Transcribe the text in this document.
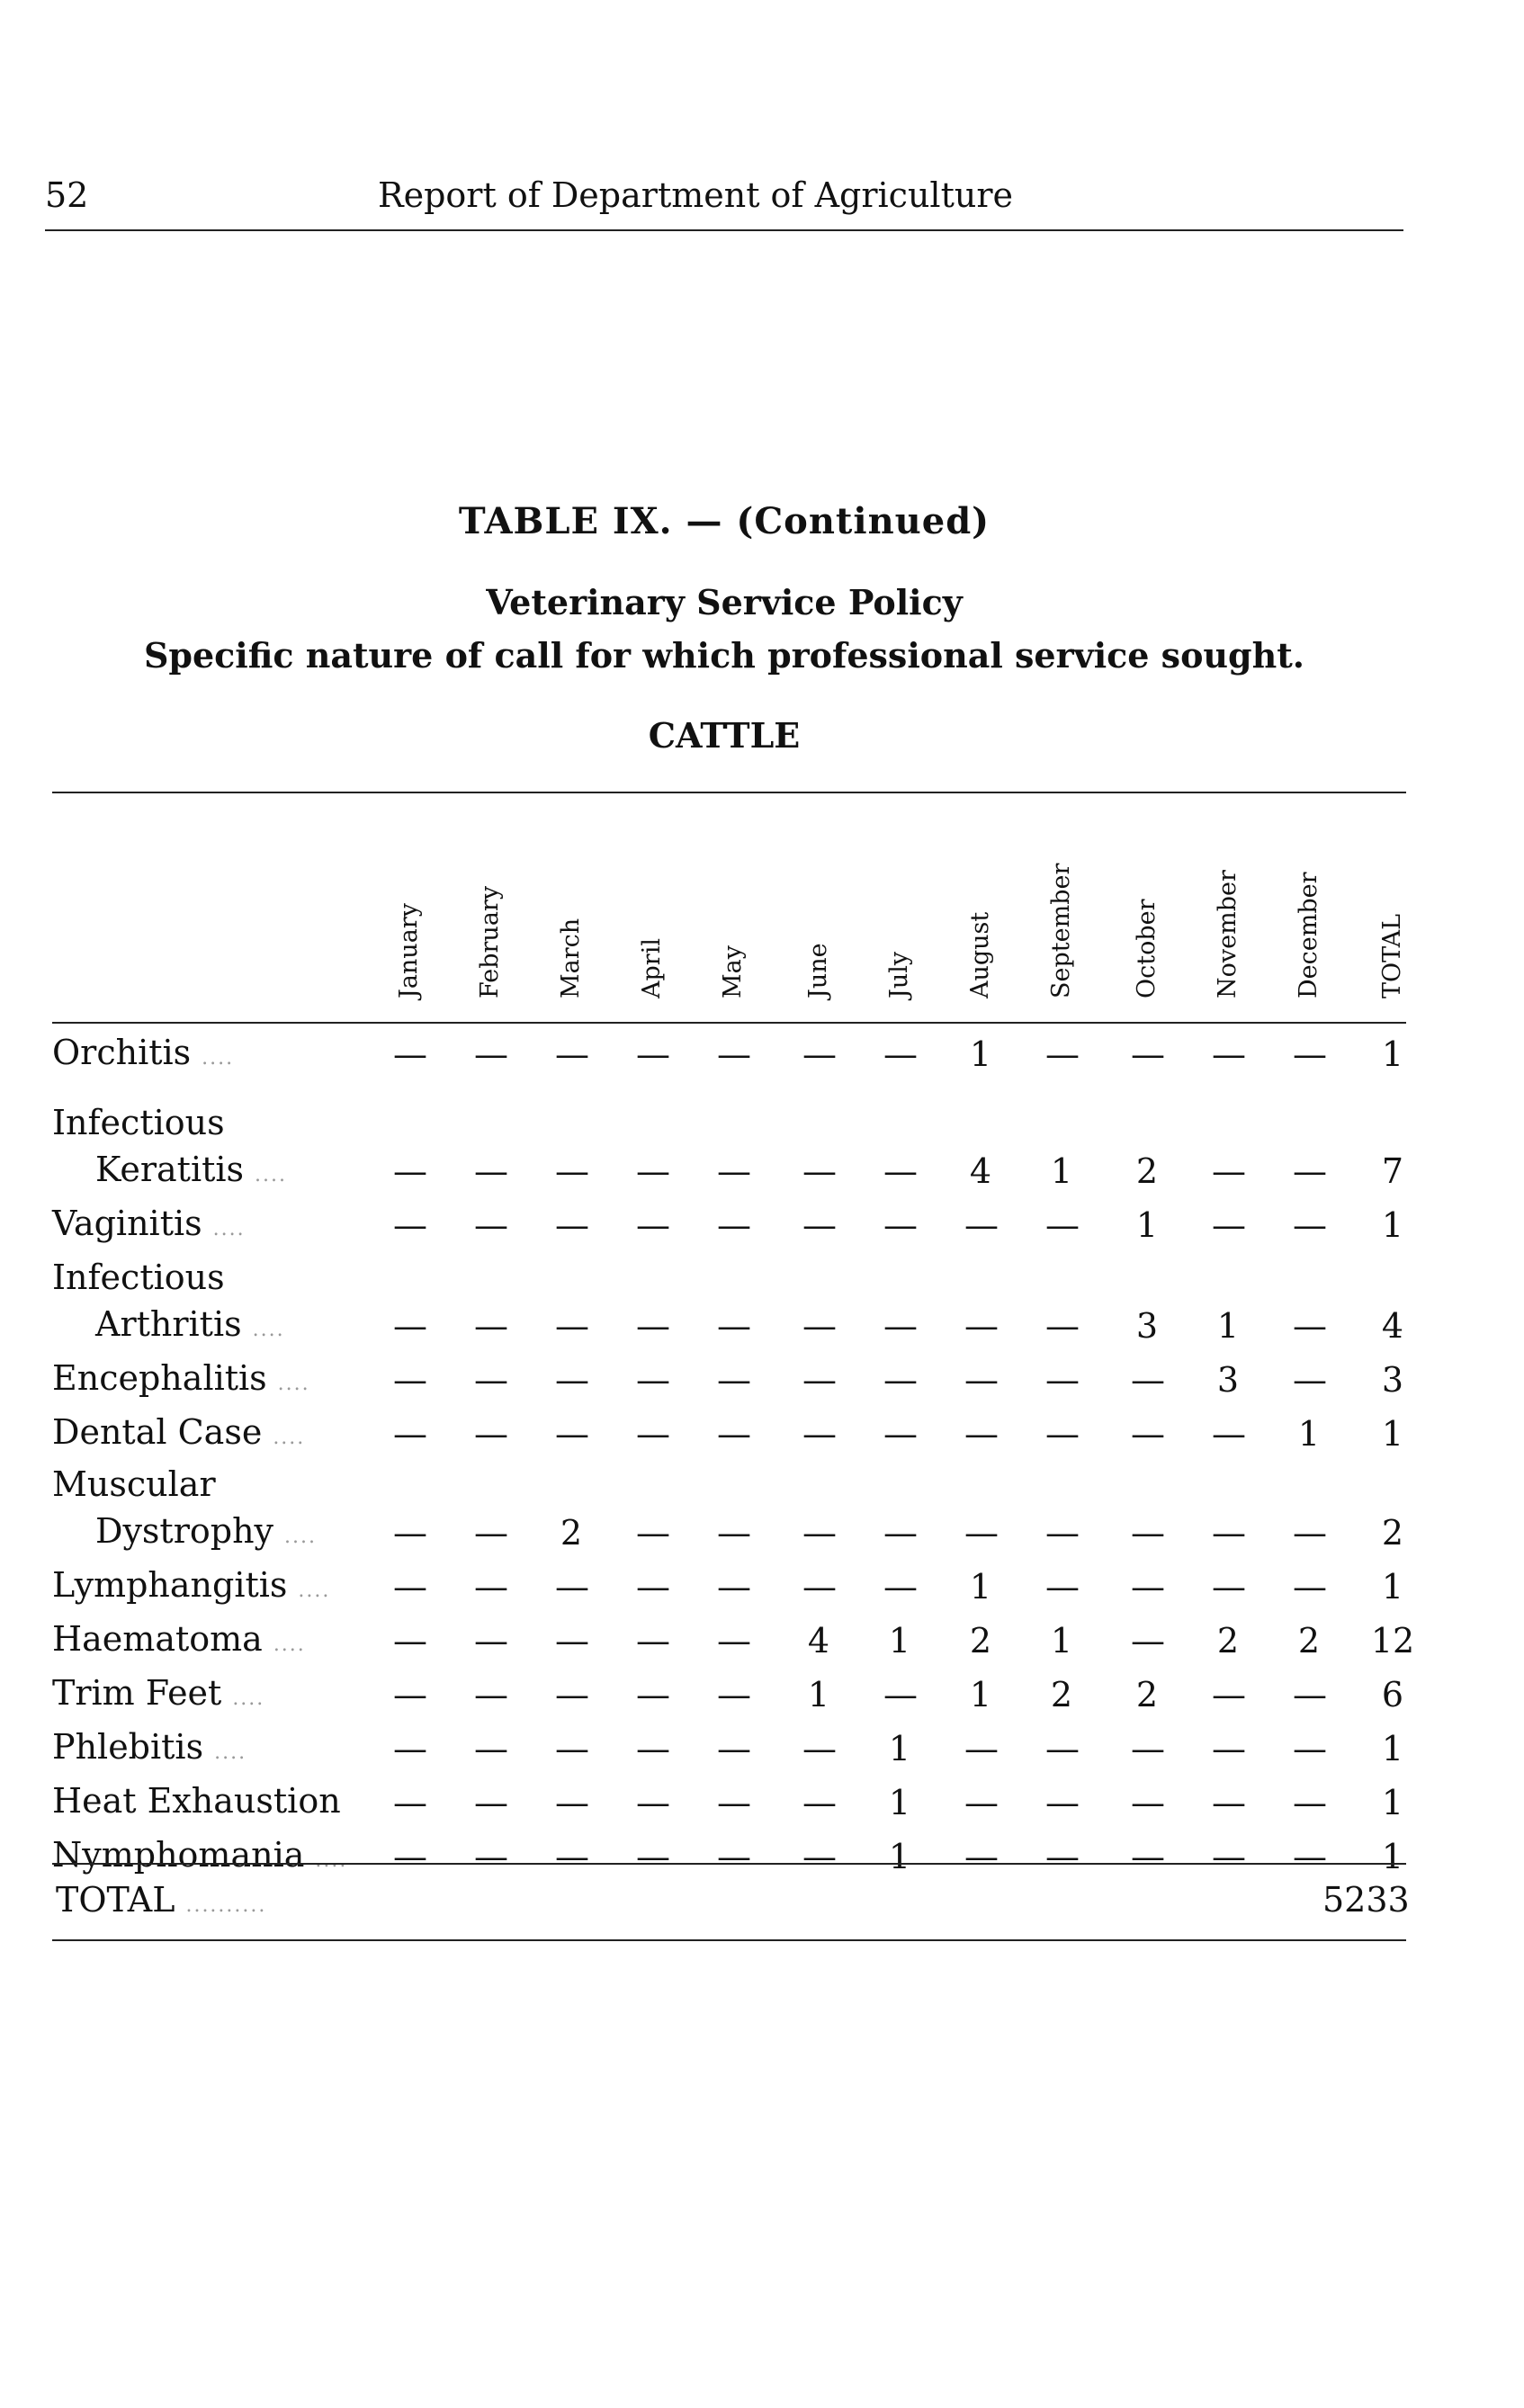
52	Report of Department of Agriculture
TABLE IX. — (Continued)
Veterinary Service Policy
Specific nature of call for which professional service sought.
CATTLE
January February March April May June July August September October November December TOTAL
Orchitis ....	—	—	—	—	—	—	—	1	—	—	—	—	1
Infectious
Keratitis ....	—	—	—	—	—	—	—	4	1	2	—	—	7
Vaginitis ....	—	—	—	—	—	—	—	—	—	1	—	—	1
Infectious
Arthritis ....	—	—	—	—	—	—	—	—	—	3	1	—	4
Encephalitis ....	—	—	—	—	—	—	—	—	—	—	3	—	3
Dental Case ....	—	—	—	—	—	—	—	—	—	—	—	1	1
Muscular
Dystrophy ....	—	—	2	—	—	—	—	—	—	—	—	—	2
Lymphangitis ....	—	—	—	—	—	—	—	1	—	—	—	—	1
Haematoma ....	—	—	—	—	—	4	1	2	1	—	2	2	12
Trim Feet ....	—	—	—	—	—	1	—	1	2	2	—	—	6
Phlebitis ....	—	—	—	—	—	—	1	—	—	—	—	—	1
Heat Exhaustion	—	—	—	—	—	—	1	—	—	—	—	—	1
Nymphomania ....	—	—	—	—	—	—	1	—	—	—	—	—	1
TOTAL ..........	5233
